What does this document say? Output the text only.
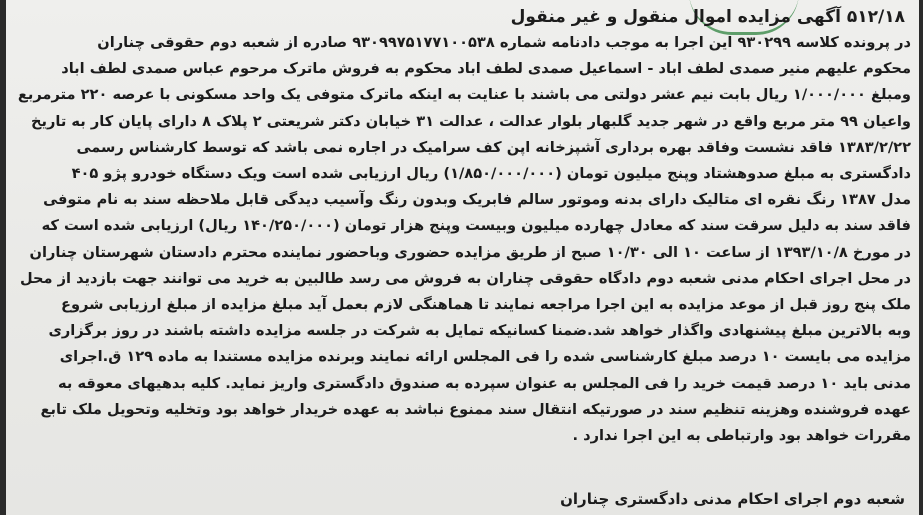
۵۱۲/۱۸ آگهی مزایده اموال منقول و غیر منقول
در پرونده کلاسه ۹۳۰۲۹۹ این اجرا به موجب دادنامه شماره ۹۳۰۹۹۷۵۱۷۷۱۰۰۵۳۸ صادره از شعبه دوم حقوقی چناران
محکوم علیهم منیر صمدی لطف اباد - اسماعیل صمدی لطف اباد محکوم به فروش ماترک مرحوم عباس صمدی لطف اباد
ومبلغ ۱/۰۰۰/۰۰۰ ریال بابت نیم عشر دولتی می باشند با عنایت به اینکه ماترک متوفی یک واحد مسکونی با عرصه ۲۲۰ مترمربع
واعیان ۹۹ متر مربع واقع در شهر جدید گلبهار بلوار عدالت ، عدالت ۳۱ خیابان دکتر شریعتی ۲ پلاک ۸ دارای پایان کار به تاریخ
۱۳۸۳/۲/۲۲ فاقد نشست وفاقد بهره برداری آشپزخانه اپن کف سرامیک در اجاره نمی باشد که توسط کارشناس رسمی
دادگستری به مبلغ صدوهشتاد وپنج میلیون تومان (۱/۸۵۰/۰۰۰/۰۰۰) ریال ارزیابی شده است ویک دستگاه خودرو پژو ۴۰۵
مدل ۱۳۸۷ رنگ نقره ای متالیک دارای بدنه وموتور سالم فابریک وبدون رنگ وآسیب دیدگی قابل ملاحظه سند به نام متوفی
فاقد سند به دلیل سرقت سند که معادل چهارده میلیون وبیست وپنج هزار تومان (۱۴۰/۲۵۰/۰۰۰ ریال) ارزیابی شده است که
در مورخ ۱۳۹۳/۱۰/۸ از ساعت ۱۰ الی ۱۰/۳۰ صبح از طریق مزایده حضوری وباحضور نماینده محترم دادستان شهرستان چناران
در محل اجرای احکام مدنی شعبه دوم دادگاه حقوقی چناران به فروش می رسد طالبین به خرید می توانند جهت بازدید از محل
ملک پنج روز قبل از موعد مزایده به این اجرا مراجعه نمایند تا هماهنگی لازم بعمل آید مبلغ مزایده از مبلغ ارزیابی شروع
وبه بالاترین مبلغ پیشنهادی واگذار خواهد شد.ضمنا کسانیکه تمایل به شرکت در جلسه مزایده داشته باشند در روز برگزاری
مزایده می بایست ۱۰ درصد مبلغ کارشناسی شده را فی المجلس ارائه نمایند وبرنده مزایده مستندا به ماده ۱۲۹ ق.اجرای
مدنی باید ۱۰ درصد قیمت خرید را فی المجلس به عنوان سپرده به صندوق دادگستری واریز نماید. کلیه بدهیهای معوقه به
عهده فروشنده وهزینه تنظیم سند در صورتیکه انتقال سند ممنوع نباشد به عهده خریدار خواهد بود وتخلیه وتحویل ملک تابع
مقررات خواهد بود وارتباطی به این اجرا ندارد .
شعبه دوم اجرای احکام مدنی دادگستری چناران
